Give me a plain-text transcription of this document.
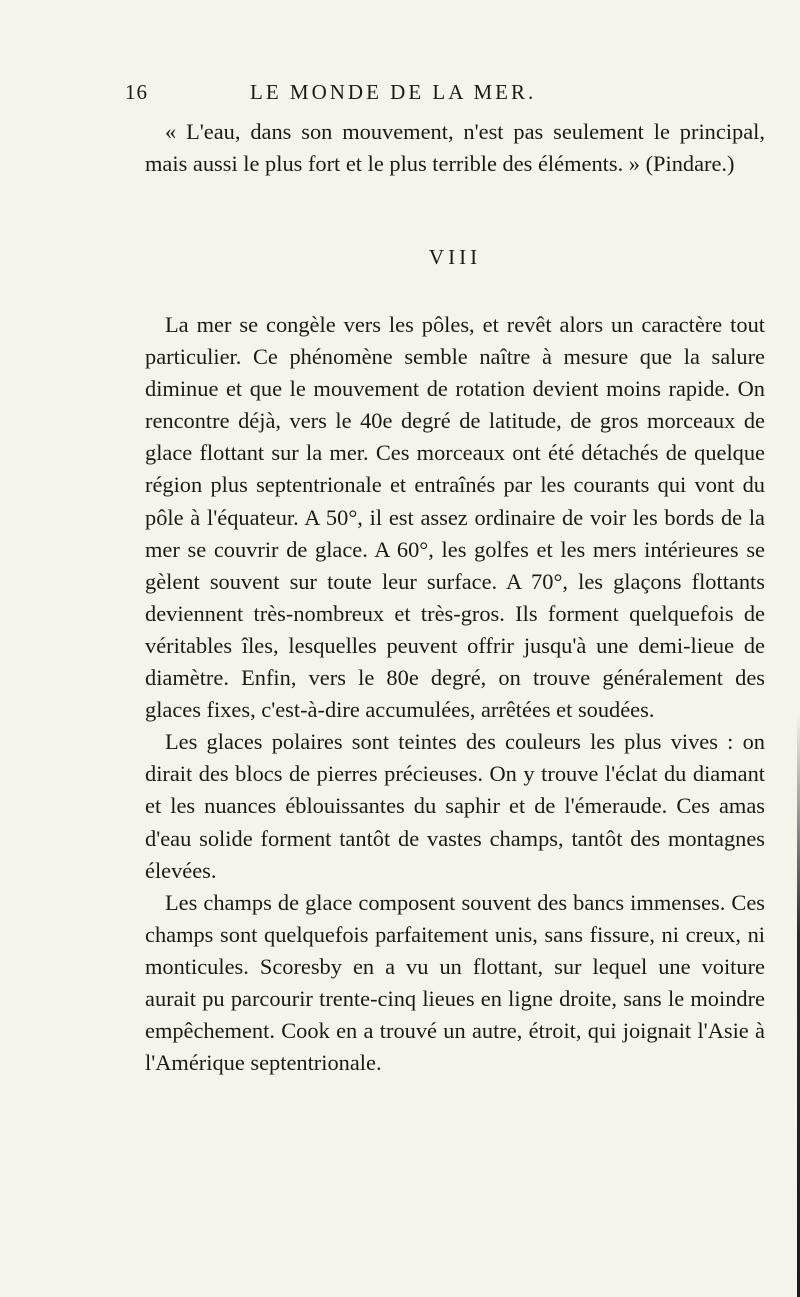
16	LE MONDE DE LA MER.

« L'eau, dans son mouvement, n'est pas seulement le principal, mais aussi le plus fort et le plus terrible des éléments. » (Pindare.)

VIII

La mer se congèle vers les pôles, et revêt alors un caractère tout particulier. Ce phénomène semble naître à mesure que la salure diminue et que le mouvement de rotation devient moins rapide. On rencontre déjà, vers le 40e degré de latitude, de gros morceaux de glace flottant sur la mer. Ces morceaux ont été détachés de quelque région plus septentrionale et entraînés par les courants qui vont du pôle à l'équateur. A 50°, il est assez ordinaire de voir les bords de la mer se couvrir de glace. A 60°, les golfes et les mers intérieures se gèlent souvent sur toute leur surface. A 70°, les glaçons flottants deviennent très-nombreux et très-gros. Ils forment quelquefois de véritables îles, lesquelles peuvent offrir jusqu'à une demi-lieue de diamètre. Enfin, vers le 80e degré, on trouve généralement des glaces fixes, c'est-à-dire accumulées, arrêtées et soudées.

Les glaces polaires sont teintes des couleurs les plus vives : on dirait des blocs de pierres précieuses. On y trouve l'éclat du diamant et les nuances éblouissantes du saphir et de l'émeraude. Ces amas d'eau solide forment tantôt de vastes champs, tantôt des montagnes élevées.

Les champs de glace composent souvent des bancs immenses. Ces champs sont quelquefois parfaitement unis, sans fissure, ni creux, ni monticules. Scoresby en a vu un flottant, sur lequel une voiture aurait pu parcourir trente-cinq lieues en ligne droite, sans le moindre empêchement. Cook en a trouvé un autre, étroit, qui joignait l'Asie à l'Amérique septentrionale.
